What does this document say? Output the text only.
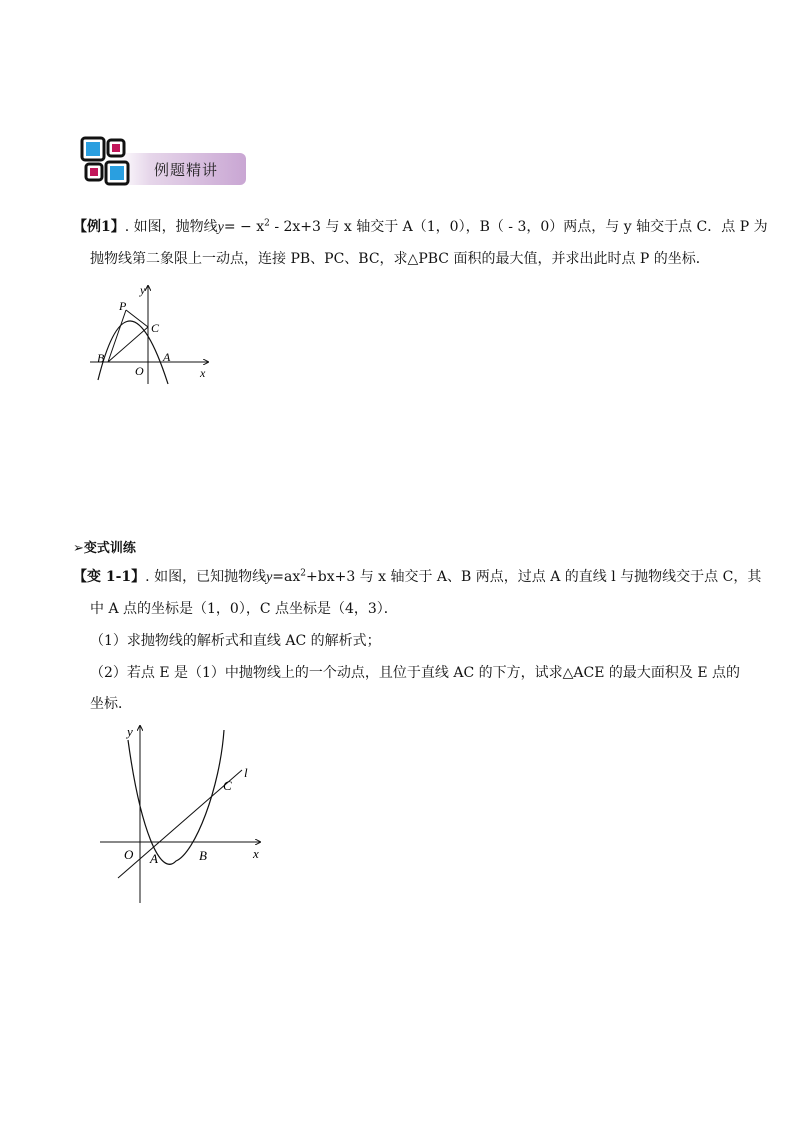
例题精讲
【例1】. 如图，抛物线$y= - x^2 - 2x+3$ 与 x 轴交于 A（1，0），B（ - 3，0）两点，与 y 轴交于点 C．点 P 为
抛物线第二象限上一动点，连接 PB、PC、BC，求△PBC 面积的最大值，并求出此时点 P 的坐标．
P
C
B	A
O	x
y
➢变式训练
【变 1-1】. 如图，已知抛物线$y=ax^2+bx+3$ 与 x 轴交于 A、B 两点，过点 A 的直线 l 与抛物线交于点 C，其
中 A 点的坐标是（1，0），C 点坐标是（4，3）．
（1）求抛物线的解析式和直线 AC 的解析式；
（2）若点 E 是（1）中抛物线上的一个动点，且位于直线 AC 的下方，试求△ACE 的最大面积及 E 点的
坐标．
y
l
C
O A	B	x
